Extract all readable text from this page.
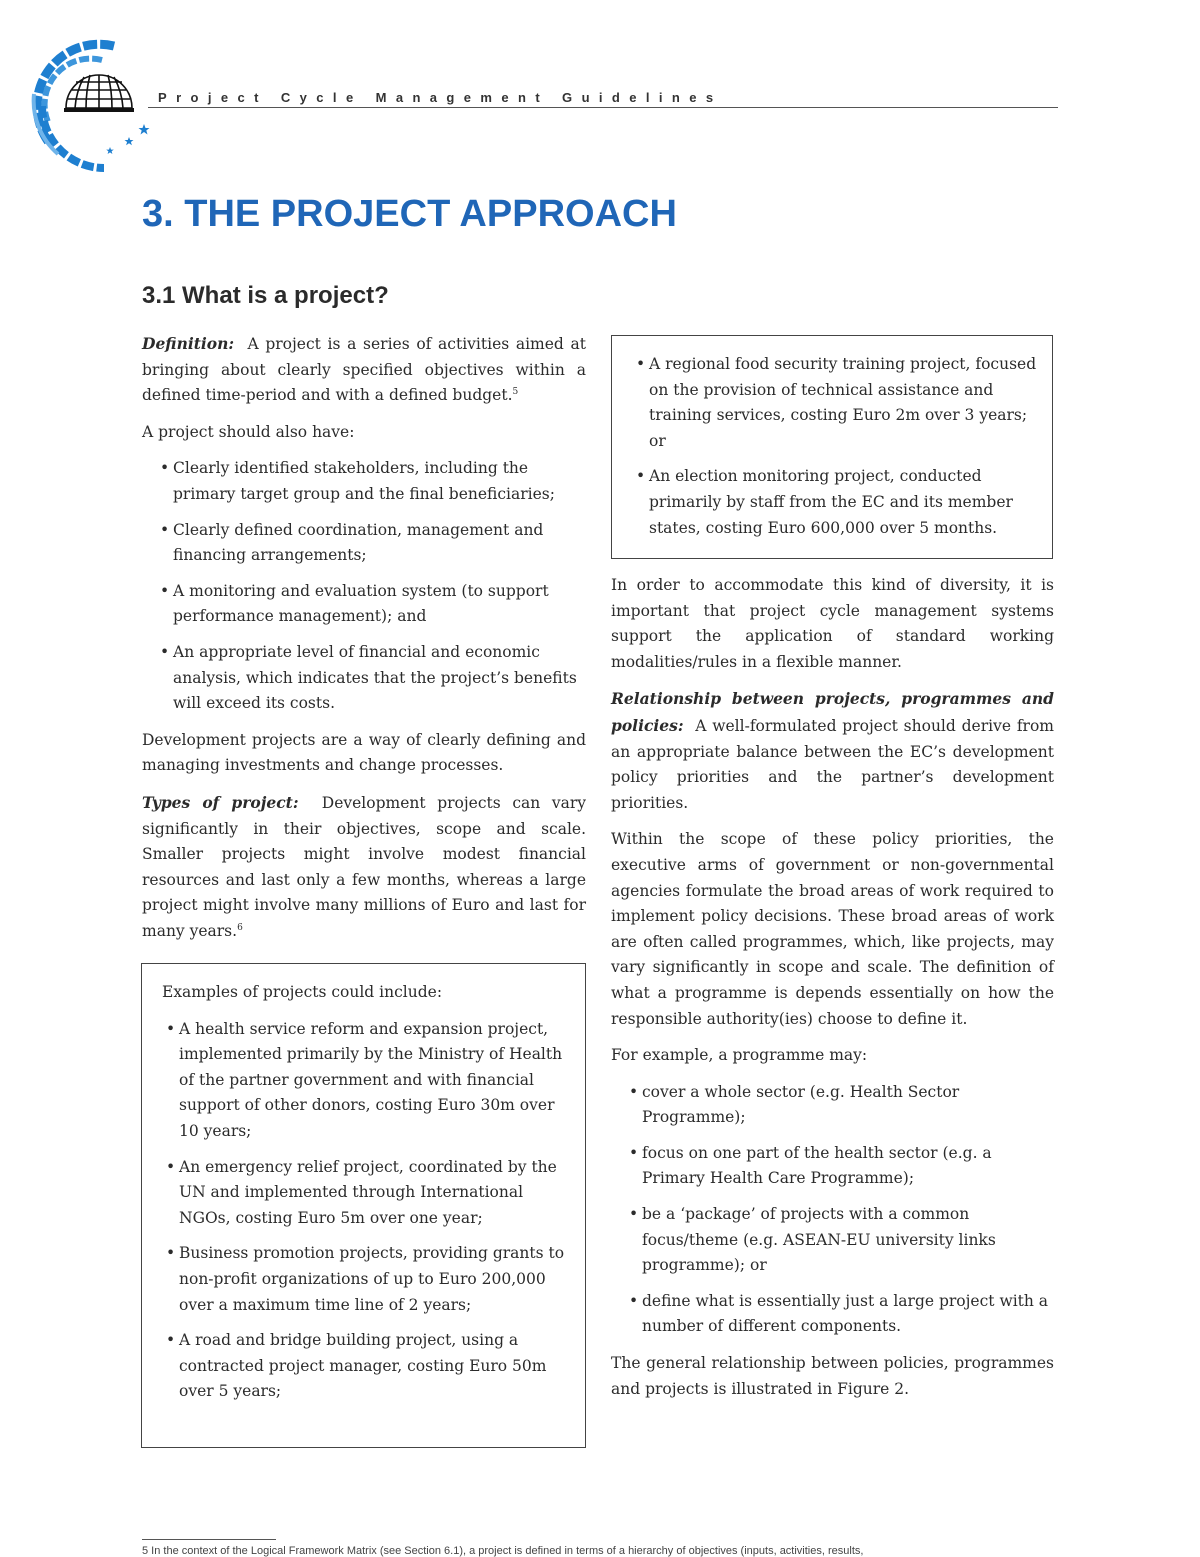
Project Cycle Management Guidelines
3. THE PROJECT APPROACH
3.1 What is a project?

Definition: A project is a series of activities aimed at bringing about clearly specified objectives within a defined time-period and with a defined budget.$^5$

A project should also have:

• Clearly identified stakeholders, including the primary target group and the final beneficiaries;
• Clearly defined coordination, management and financing arrangements;
• A monitoring and evaluation system (to support performance management); and
• An appropriate level of financial and economic analysis, which indicates that the project’s benefits will exceed its costs.

Development projects are a way of clearly defining and managing investments and change processes.

Types of project: Development projects can vary significantly in their objectives, scope and scale. Smaller projects might involve modest financial resources and last only a few months, whereas a large project might involve many millions of Euro and last for many years.$^6$

Examples of projects could include:

• A health service reform and expansion project, implemented primarily by the Ministry of Health of the partner government and with financial support of other donors, costing Euro 30m over 10 years;
• An emergency relief project, coordinated by the UN and implemented through International NGOs, costing Euro 5m over one year;
• Business promotion projects, providing grants to non-profit organizations of up to Euro 200,000 over a maximum time line of 2 years;
• A road and bridge building project, using a contracted project manager, costing Euro 50m over 5 years;
• A regional food security training project, focused on the provision of technical assistance and training services, costing Euro 2m over 3 years; or
• An election monitoring project, conducted primarily by staff from the EC and its member states, costing Euro 600,000 over 5 months.

In order to accommodate this kind of diversity, it is important that project cycle management systems support the application of standard working modalities/rules in a flexible manner.

Relationship between projects, programmes and policies: A well-formulated project should derive from an appropriate balance between the EC’s development policy priorities and the partner’s development priorities.

Within the scope of these policy priorities, the executive arms of government or non-governmental agencies formulate the broad areas of work required to implement policy decisions. These broad areas of work are often called programmes, which, like projects, may vary significantly in scope and scale. The definition of what a programme is depends essentially on how the responsible authority(ies) choose to define it.

For example, a programme may:

• cover a whole sector (e.g. Health Sector Programme);
• focus on one part of the health sector (e.g. a Primary Health Care Programme);
• be a ‘package’ of projects with a common focus/theme (e.g. ASEAN-EU university links programme); or
• define what is essentially just a large project with a number of different components.

The general relationship between policies, programmes and projects is illustrated in Figure 2.

5 In the context of the Logical Framework Matrix (see Section 6.1), a project is defined in terms of a hierarchy of objectives (inputs, activities, results,
